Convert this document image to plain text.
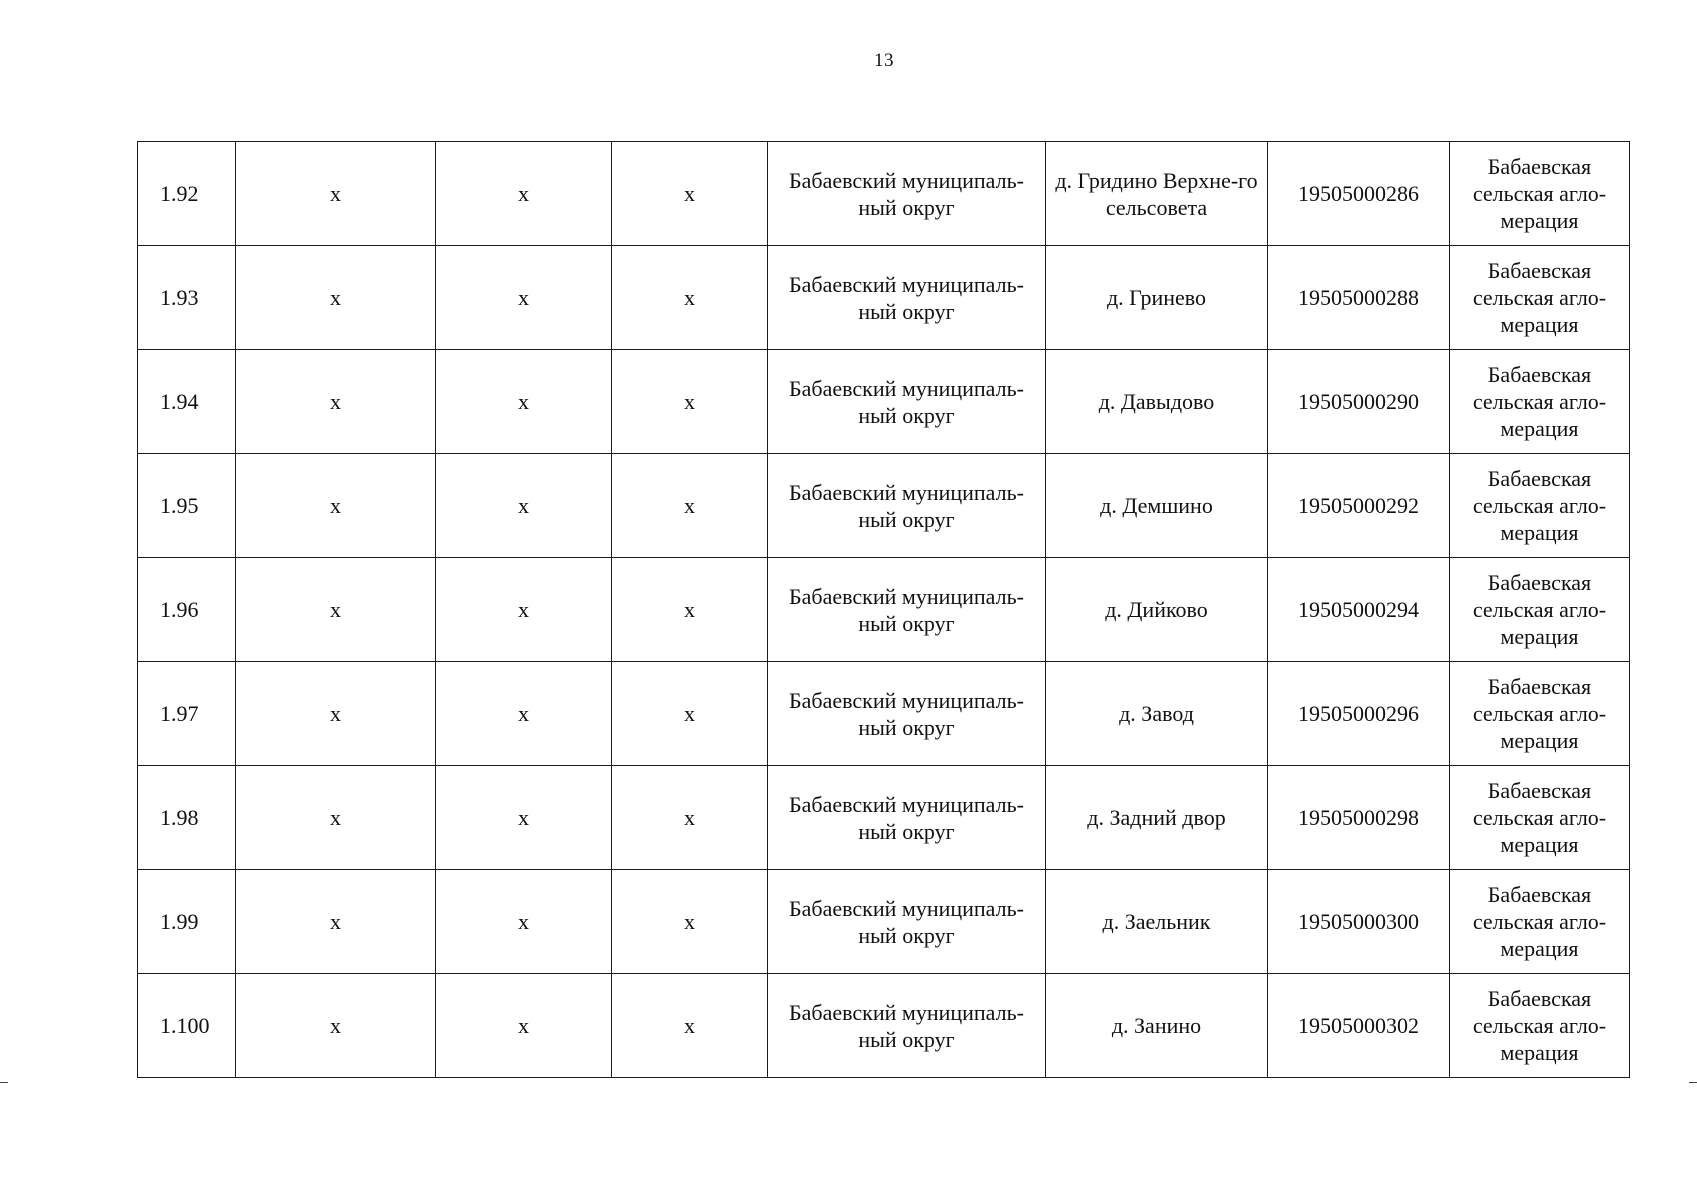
13
1.92	x	x	x	Бабаевский муниципаль-ный округ	д. Гридино Верхне-го сельсовета	19505000286	Бабаевская сельская агло-мерация
1.93	x	x	x	Бабаевский муниципаль-ный округ	д. Гринево	19505000288	Бабаевская сельская агло-мерация
1.94	x	x	x	Бабаевский муниципаль-ный округ	д. Давыдово	19505000290	Бабаевская сельская агло-мерация
1.95	x	x	x	Бабаевский муниципаль-ный округ	д. Демшино	19505000292	Бабаевская сельская агло-мерация
1.96	x	x	x	Бабаевский муниципаль-ный округ	д. Дийково	19505000294	Бабаевская сельская агло-мерация
1.97	x	x	x	Бабаевский муниципаль-ный округ	д. Завод	19505000296	Бабаевская сельская агло-мерация
1.98	x	x	x	Бабаевский муниципаль-ный округ	д. Задний двор	19505000298	Бабаевская сельская агло-мерация
1.99	x	x	x	Бабаевский муниципаль-ный округ	д. Заельник	19505000300	Бабаевская сельская агло-мерация
1.100	x	x	x	Бабаевский муниципаль-ный округ	д. Занино	19505000302	Бабаевская сельская агло-мерация
